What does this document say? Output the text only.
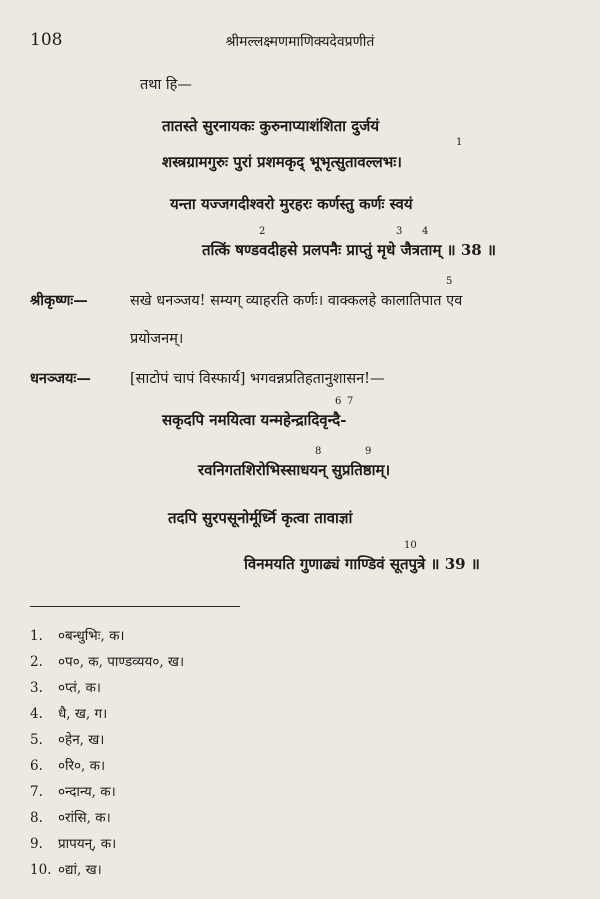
108	श्रीमल्लक्ष्मणमाणिक्यदेवप्रणीतं
तथा हि—
तातस्ते सुरनायकः कुरुनाप्याशंशिता दुर्जयं
1
शस्त्रग्रामगुरुः पुरां प्रशमकृद् भूभृत्सुतावल्लभः।
यन्ता यज्जगदीश्वरो मुरहरः कर्णस्तु कर्णः स्वयं
2	3 4
तत्किं षण्डवदीहसे प्रलपनैः प्राप्तुं मृधे जैत्रताम् ॥ 38 ॥
5
श्रीकृष्णः—	सखे धनञ्जय! सम्यग् व्याहरति कर्णः। वाक्कलहे कालातिपात एव
प्रयोजनम्।
धनञ्जयः—	[साटोपं चापं विस्फार्य] भगवन्नप्रतिहतानुशासन!—
6 7
सकृदपि नमयित्वा यन्महेन्द्रादिवृन्दै-
8	9
रवनिगतशिरोभिस्साधयन् सुप्रतिष्ठाम्।
तदपि सुरपसूनोर्मूर्ध्नि कृत्वा तावाज्ञां
10
विनमयति गुणाढ्यं गाण्डिवं सूतपुत्रे ॥ 39 ॥
1. ०बन्धुभिः, क।
2. ०प०, क, पाण्डव्यय०, ख।
3. ०प्तं, क।
4. धै, ख, ग।
5. ०हेन, ख।
6. ०रि०, क।
7. ०न्दान्य, क।
8. ०रांसि, क।
9. प्रापयन्, क।
10. ०द्यां, ख।
